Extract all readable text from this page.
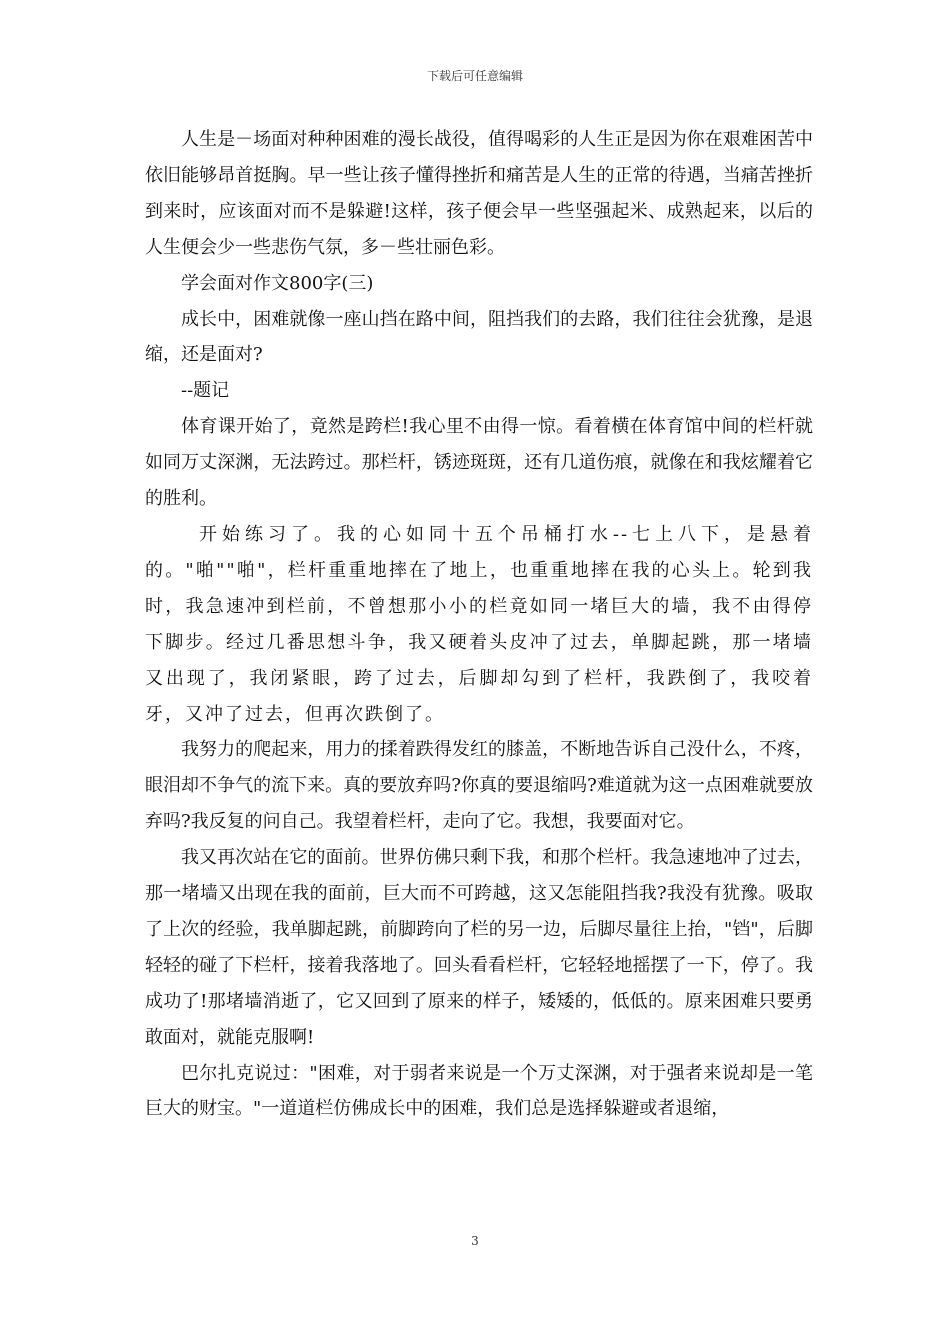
下载后可任意编辑

人生是－场面对种种困难的漫长战役，值得喝彩的人生正是因为你在艰难困苦中依旧能够昂首挺胸。早一些让孩子懂得挫折和痛苦是人生的正常的待遇，当痛苦挫折到来时，应该面对而不是躲避!这样，孩子便会早一些坚强起米、成熟起来，以后的人生便会少一些悲伤气氛，多－些壮丽色彩。

学会面对作文800字(三)

成长中，困难就像一座山挡在路中间，阻挡我们的去路，我们往往会犹豫，是退缩，还是面对?

--题记

体育课开始了，竟然是跨栏!我心里不由得一惊。看着横在体育馆中间的栏杆就如同万丈深渊，无法跨过。那栏杆，锈迹斑斑，还有几道伤痕，就像在和我炫耀着它的胜利。

开始练习了。我的心如同十五个吊桶打水--七上八下，是悬着的。"啪""啪"，栏杆重重地摔在了地上，也重重地摔在我的心头上。轮到我时，我急速冲到栏前，不曾想那小小的栏竟如同一堵巨大的墙，我不由得停下脚步。经过几番思想斗争，我又硬着头皮冲了过去，单脚起跳，那一堵墙又出现了，我闭紧眼，跨了过去，后脚却勾到了栏杆，我跌倒了，我咬着牙，又冲了过去，但再次跌倒了。

我努力的爬起来，用力的揉着跌得发红的膝盖，不断地告诉自己没什么，不疼，眼泪却不争气的流下来。真的要放弃吗?你真的要退缩吗?难道就为这一点困难就要放弃吗?我反复的问自己。我望着栏杆，走向了它。我想，我要面对它。

我又再次站在它的面前。世界仿佛只剩下我，和那个栏杆。我急速地冲了过去，那一堵墙又出现在我的面前，巨大而不可跨越，这又怎能阻挡我?我没有犹豫。吸取了上次的经验，我单脚起跳，前脚跨向了栏的另一边，后脚尽量往上抬，"铛"，后脚轻轻的碰了下栏杆，接着我落地了。回头看看栏杆，它轻轻地摇摆了一下，停了。我成功了!那堵墙消逝了，它又回到了原来的样子，矮矮的，低低的。原来困难只要勇敢面对，就能克服啊!

巴尔扎克说过："困难，对于弱者来说是一个万丈深渊，对于强者来说却是一笔巨大的财宝。"一道道栏仿佛成长中的困难，我们总是选择躲避或者退缩，

3
